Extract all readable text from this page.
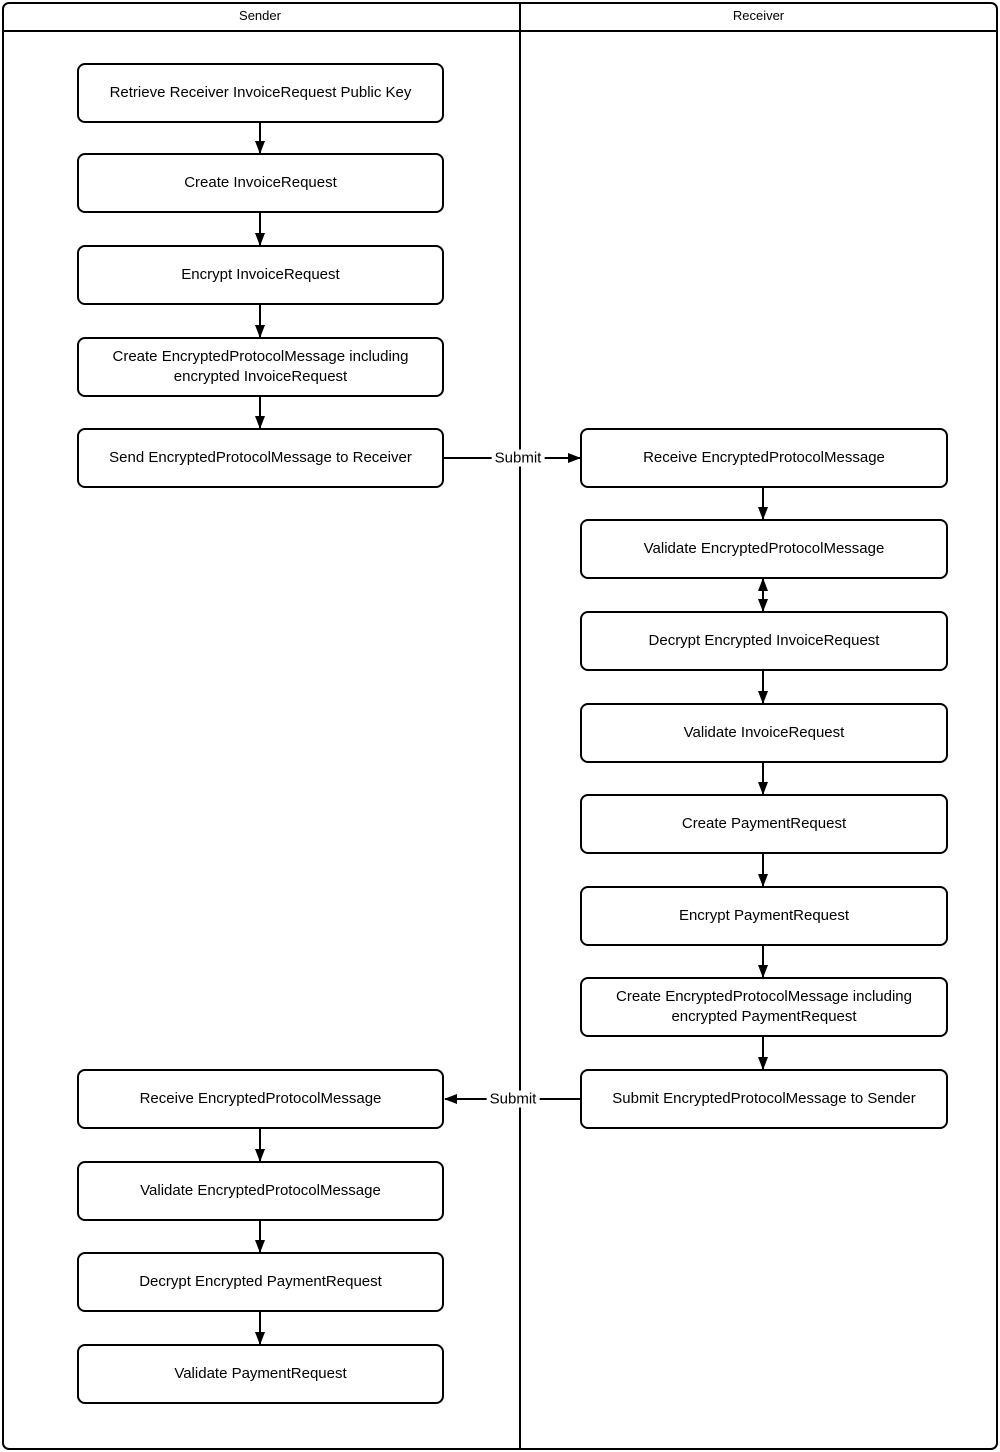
Sender	Receiver
Retrieve Receiver InvoiceRequest Public Key
Create InvoiceRequest
Encrypt InvoiceRequest
Create EncryptedProtocolMessage including encrypted InvoiceRequest
Send EncryptedProtocolMessage to Receiver	Receive EncryptedProtocolMessage
Validate EncryptedProtocolMessage
Decrypt Encrypted InvoiceRequest
Validate InvoiceRequest
Create PaymentRequest
Encrypt PaymentRequest
Create EncryptedProtocolMessage including encrypted PaymentRequest
Submit EncryptedProtocolMessage to Sender
Receive EncryptedProtocolMessage
Validate EncryptedProtocolMessage
Decrypt Encrypted PaymentRequest
Validate PaymentRequest
Submit
Submit
